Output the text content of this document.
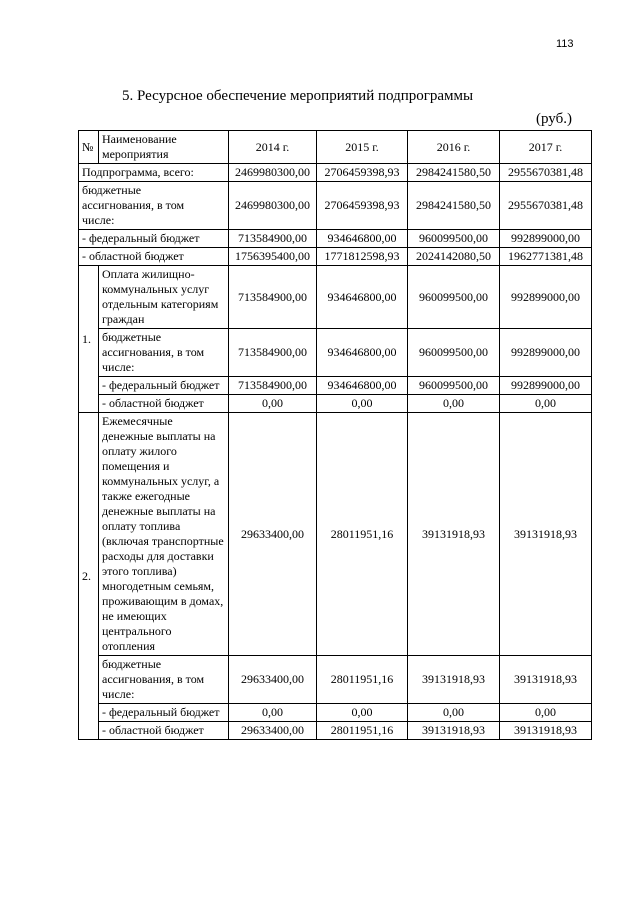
113
5. Ресурсное обеспечение мероприятий подпрограммы
(руб.)
№	Наименование мероприятия	2014 г.	2015 г.	2016 г.	2017 г.
Подпрограмма, всего:		2469980300,00	2706459398,93	2984241580,50	2955670381,48

бюджетные ассигнования, в том числе:		2469980300,00	2706459398,93	2984241580,50	2955670381,48
- федеральный бюджет		713584900,00	934646800,00	960099500,00	992899000,00
- областной бюджет		1756395400,00	1771812598,93	2024142080,50	1962771381,48
1.	Оплата жилищно-коммунальных услуг отдельным категориям граждан	713584900,00	934646800,00	960099500,00	992899000,00
	бюджетные ассигнования, в том числе:	713584900,00	934646800,00	960099500,00	992899000,00
	- федеральный бюджет	713584900,00	934646800,00	960099500,00	992899000,00
	- областной бюджет	0,00	0,00	0,00	0,00
2.	Ежемесячные денежные выплаты на оплату жилого помещения и коммунальных услуг, а также ежегодные денежные выплаты на оплату топлива (включая транспортные расходы для доставки этого топлива) многодетным семьям, проживающим в домах, не имеющих центрального отопления	29633400,00	28011951,16	39131918,93	39131918,93
	бюджетные ассигнования, в том числе:	29633400,00	28011951,16	39131918,93	39131918,93
	- федеральный бюджет	0,00	0,00	0,00	0,00
	- областной бюджет	29633400,00	28011951,16	39131918,93	39131918,93
